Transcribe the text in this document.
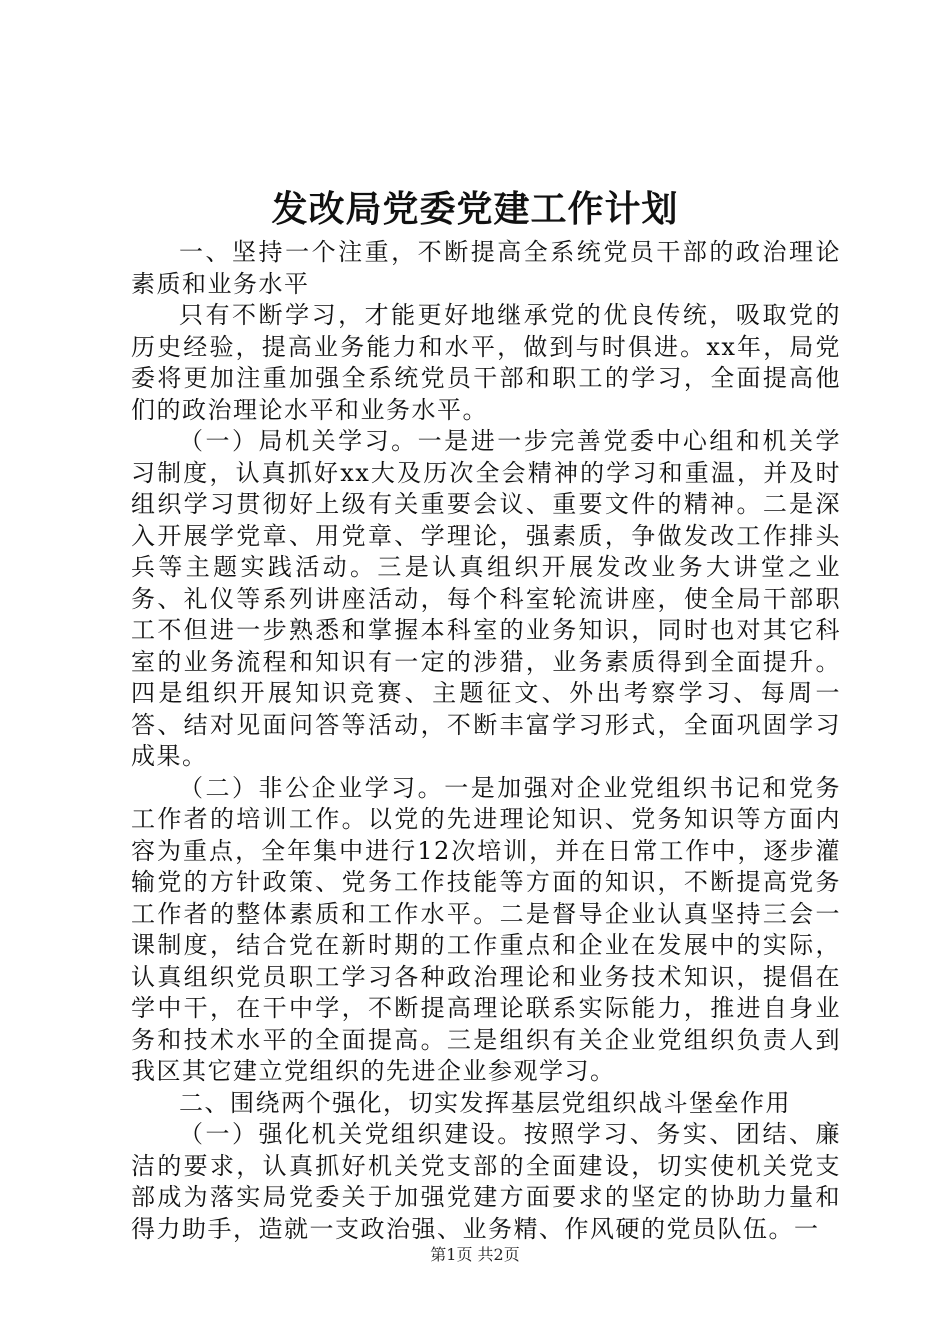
发改局党委党建工作计划

一、坚持一个注重，不断提高全系统党员干部的政治理论素质和业务水平

只有不断学习，才能更好地继承党的优良传统，吸取党的历史经验，提高业务能力和水平，做到与时俱进。xx年，局党委将更加注重加强全系统党员干部和职工的学习，全面提高他们的政治理论水平和业务水平。

（一）局机关学习。一是进一步完善党委中心组和机关学习制度，认真抓好xx大及历次全会精神的学习和重温，并及时组织学习贯彻好上级有关重要会议、重要文件的精神。二是深入开展学党章、用党章、学理论，强素质，争做发改工作排头兵等主题实践活动。三是认真组织开展发改业务大讲堂之业务、礼仪等系列讲座活动，每个科室轮流讲座，使全局干部职工不但进一步熟悉和掌握本科室的业务知识，同时也对其它科室的业务流程和知识有一定的涉猎，业务素质得到全面提升。四是组织开展知识竞赛、主题征文、外出考察学习、每周一答、结对见面问答等活动，不断丰富学习形式，全面巩固学习成果。

（二）非公企业学习。一是加强对企业党组织书记和党务工作者的培训工作。以党的先进理论知识、党务知识等方面内容为重点，全年集中进行12次培训，并在日常工作中，逐步灌输党的方针政策、党务工作技能等方面的知识，不断提高党务工作者的整体素质和工作水平。二是督导企业认真坚持三会一课制度，结合党在新时期的工作重点和企业在发展中的实际，认真组织党员职工学习各种政治理论和业务技术知识，提倡在学中干，在干中学，不断提高理论联系实际能力，推进自身业务和技术水平的全面提高。三是组织有关企业党组织负责人到我区其它建立党组织的先进企业参观学习。

二、围绕两个强化，切实发挥基层党组织战斗堡垒作用

（一）强化机关党组织建设。按照学习、务实、团结、廉洁的要求，认真抓好机关党支部的全面建设，切实使机关党支部成为落实局党委关于加强党建方面要求的坚定的协助力量和得力助手，造就一支政治强、业务精、作风硬的党员队伍。一

第1页 共2页
